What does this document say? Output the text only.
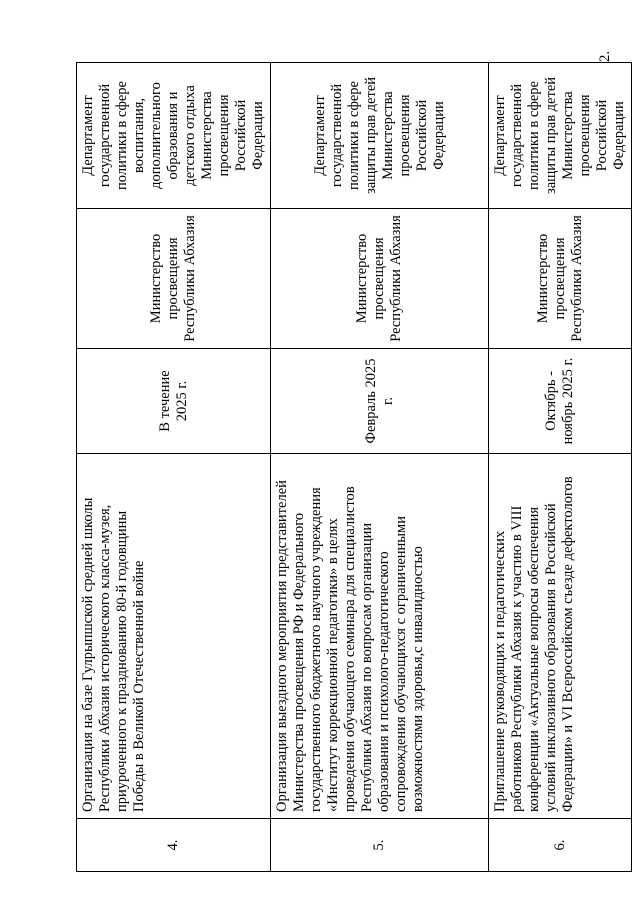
2.
4.	Организация на базе Гулрыпшской средней школы Республики Абхазия исторического класса-музея, приуроченного к празднованию 80-й годовщины Победы в Великой Отечественной войне	В течение 2025 г.	Министерство просвещения Республики Абхазия	Департамент государственной политики в сфере воспитания, дополнительного образования и детского отдыха Министерства просвещения Российской Федерации
5.	Организация выездного мероприятия представителей Министерства просвещения РФ и Федерального государственного бюджетного научного учреждения «Институт коррекционной педагогики» в целях проведения обучающего семинара для специалистов Республики Абхазия по вопросам организации образования и психолого-педагогического сопровождения обучающихся с ограниченными возможностями здоровья,с инвалидностью	Февраль 2025 г.	Министерство просвещения Республики Абхазия	Департамент государственной политики в сфере защиты прав детей Министерства просвещения Российской Федерации
6.	Приглашение руководящих и педагогических работников Республики Абхазия к участию в VIII конференции «Актуальные вопросы обеспечения условий инклюзивного образования в Российской Федерации» и VI Всероссийском съезде дефектологов	Октябрь - ноябрь 2025 г.	Министерство просвещения Республики Абхазия	Департамент государственной политики в сфере защиты прав детей Министерства просвещения Российской Федерации
